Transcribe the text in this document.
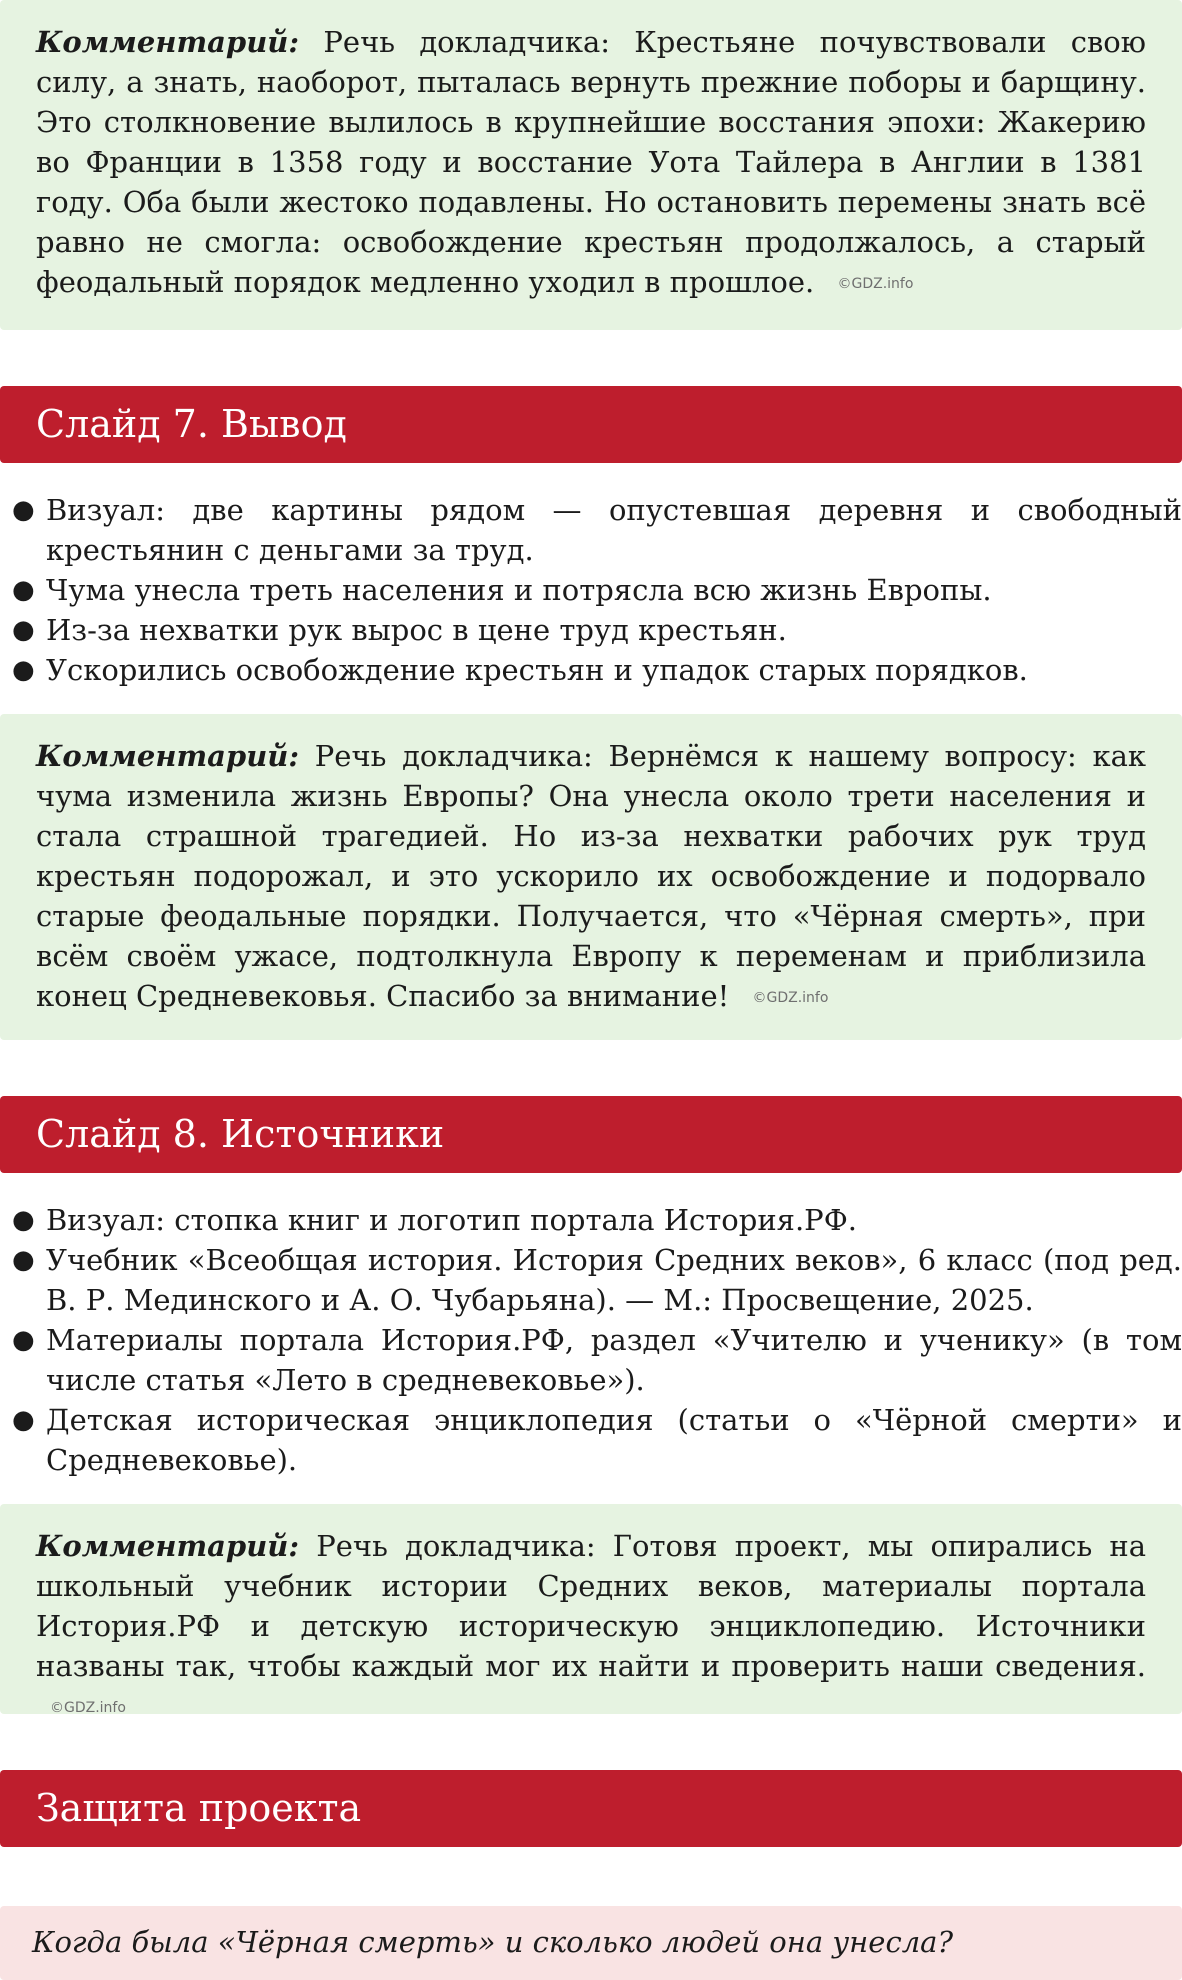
Комментарий: Речь докладчика: Крестьяне почувствовали свою силу, а знать, наоборот, пыталась вернуть прежние поборы и барщину. Это столкновение вылилось в крупнейшие восстания эпохи: Жакерию во Франции в 1358 году и восстание Уота Тайлера в Англии в 1381 году. Оба были жестоко подавлены. Но остановить перемены знать всё равно не смогла: освобождение крестьян продолжалось, а старый феодальный порядок медленно уходил в прошлое. ©GDZ.info
Слайд 7. Вывод
● Визуал: две картины рядом — опустевшая деревня и свободный крестьянин с деньгами за труд.
● Чума унесла треть населения и потрясла всю жизнь Европы.
● Из-за нехватки рук вырос в цене труд крестьян.
● Ускорились освобождение крестьян и упадок старых порядков.
Комментарий: Речь докладчика: Вернёмся к нашему вопросу: как чума изменила жизнь Европы? Она унесла около трети населения и стала страшной трагедией. Но из-за нехватки рабочих рук труд крестьян подорожал, и это ускорило их освобождение и подорвало старые феодальные порядки. Получается, что «Чёрная смерть», при всём своём ужасе, подтолкнула Европу к переменам и приблизила конец Средневековья. Спасибо за внимание! ©GDZ.info
Слайд 8. Источники
● Визуал: стопка книг и логотип портала История.РФ.
● Учебник «Всеобщая история. История Средних веков», 6 класс (под ред. В. Р. Мединского и А. О. Чубарьяна). — М.: Просвещение, 2025.
● Материалы портала История.РФ, раздел «Учителю и ученику» (в том числе статья «Лето в средневековье»).
● Детская историческая энциклопедия (статьи о «Чёрной смерти» и Средневековье).
Комментарий: Речь докладчика: Готовя проект, мы опирались на школьный учебник истории Средних веков, материалы портала История.РФ и детскую историческую энциклопедию. Источники названы так, чтобы каждый мог их найти и проверить наши сведения. ©GDZ.info
Защита проекта
Когда была «Чёрная смерть» и сколько людей она унесла?
